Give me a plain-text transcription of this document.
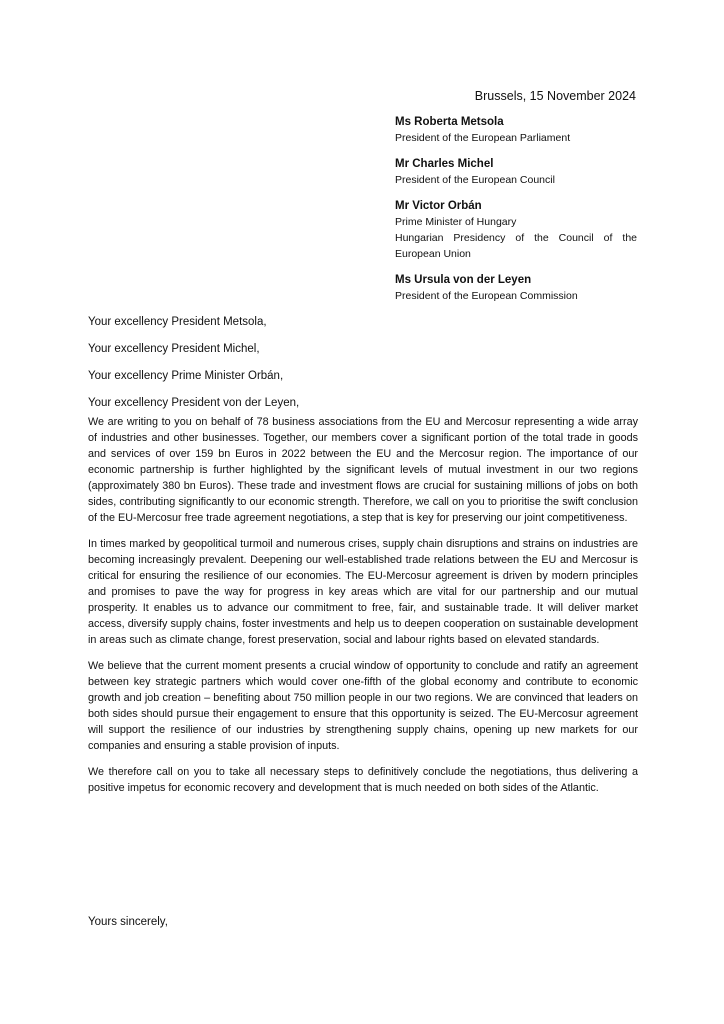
Brussels, 15 November 2024
Ms Roberta Metsola
President of the European Parliament
Mr Charles Michel
President of the European Council
Mr Victor Orbán
Prime Minister of Hungary
Hungarian Presidency of the Council of the European Union
Ms Ursula von der Leyen
President of the European Commission
Your excellency President Metsola,
Your excellency President Michel,
Your excellency Prime Minister Orbán,
Your excellency President von der Leyen,

We are writing to you on behalf of 78 business associations from the EU and Mercosur representing a wide array of industries and other businesses. Together, our members cover a significant portion of the total trade in goods and services of over 159 bn Euros in 2022 between the EU and the Mercosur region. The importance of our economic partnership is further highlighted by the significant levels of mutual investment in our two regions (approximately 380 bn Euros). These trade and investment flows are crucial for sustaining millions of jobs on both sides, contributing significantly to our economic strength. Therefore, we call on you to prioritise the swift conclusion of the EU-Mercosur free trade agreement negotiations, a step that is key for preserving our joint competitiveness.

In times marked by geopolitical turmoil and numerous crises, supply chain disruptions and strains on industries are becoming increasingly prevalent. Deepening our well-established trade relations between the EU and Mercosur is critical for ensuring the resilience of our economies. The EU-Mercosur agreement is driven by modern principles and promises to pave the way for progress in key areas which are vital for our partnership and our mutual prosperity. It enables us to advance our commitment to free, fair, and sustainable trade. It will deliver market access, diversify supply chains, foster investments and help us to deepen cooperation on sustainable development in areas such as climate change, forest preservation, social and labour rights based on elevated standards.

We believe that the current moment presents a crucial window of opportunity to conclude and ratify an agreement between key strategic partners which would cover one-fifth of the global economy and contribute to economic growth and job creation – benefiting about 750 million people in our two regions. We are convinced that leaders on both sides should pursue their engagement to ensure that this opportunity is seized. The EU-Mercosur agreement will support the resilience of our industries by strengthening supply chains, opening up new markets for our companies and ensuring a stable provision of inputs.

We therefore call on you to take all necessary steps to definitively conclude the negotiations, thus delivering a positive impetus for economic recovery and development that is much needed on both sides of the Atlantic.

Yours sincerely,
